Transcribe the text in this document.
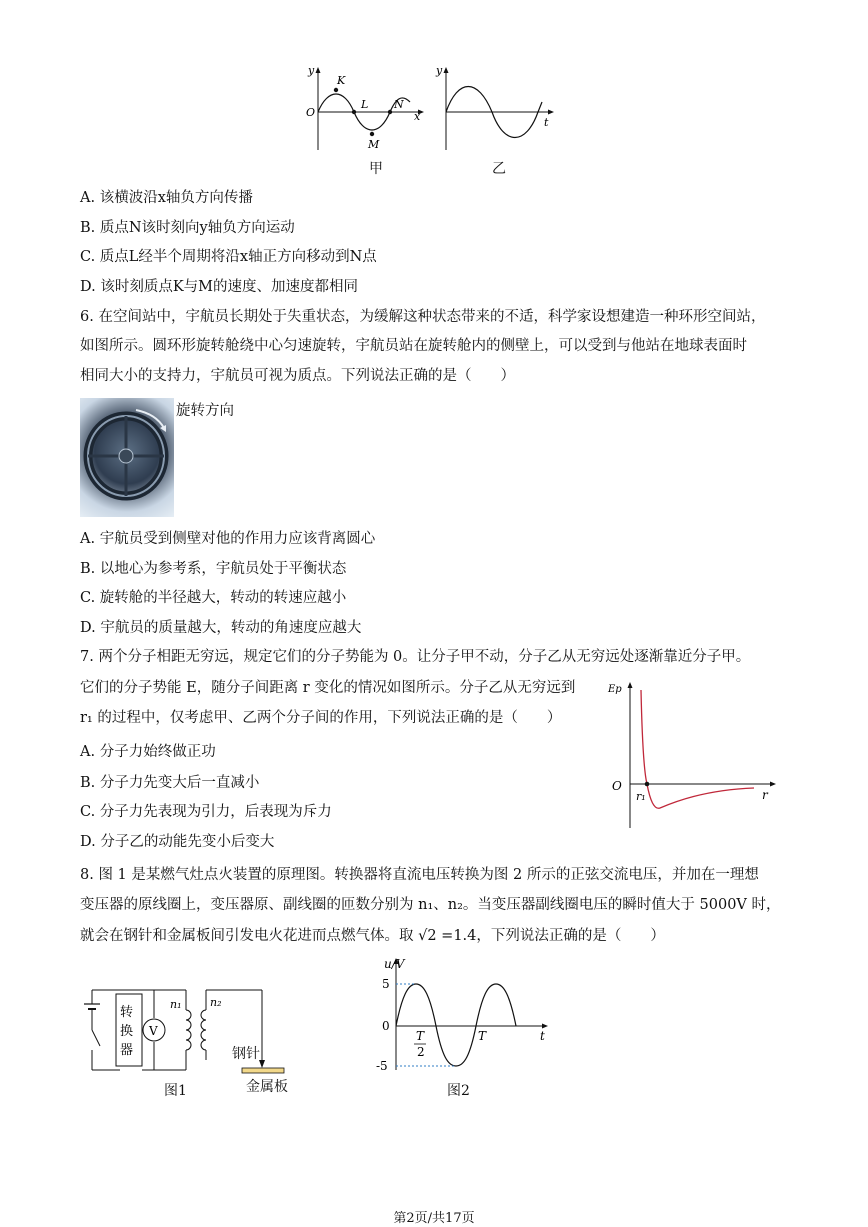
y
x
O
K
L
M
N
甲
y
t
乙
A. 该横波沿x轴负方向传播
B. 质点N该时刻向y轴负方向运动
C. 质点L经半个周期将沿x轴正方向移动到N点
D. 该时刻质点K与M的速度、加速度都相同
6. 在空间站中，宇航员长期处于失重状态，为缓解这种状态带来的不适，科学家设想建造一种环形空间站，
如图所示。圆环形旋转舱绕中心匀速旋转，宇航员站在旋转舱内的侧壁上，可以受到与他站在地球表面时
相同大小的支持力，宇航员可视为质点。下列说法正确的是（　　）
旋转方向
A. 宇航员受到侧壁对他的作用力应该背离圆心
B. 以地心为参考系，宇航员处于平衡状态
C. 旋转舱的半径越大，转动的转速应越小
D. 宇航员的质量越大，转动的角速度应越大
7. 两个分子相距无穷远，规定它们的分子势能为 0。让分子甲不动，分子乙从无穷远处逐渐靠近分子甲。
它们的分子势能 E，随分子间距离 r 变化的情况如图所示。分子乙从无穷远到
r₁ 的过程中，仅考虑甲、乙两个分子间的作用，下列说法正确的是（　　）
A. 分子力始终做正功
B. 分子力先变大后一直减小
C. 分子力先表现为引力，后表现为斥力
D. 分子乙的动能先变小后变大
Ep
O
r₁	r
8. 图 1 是某燃气灶点火装置的原理图。转换器将直流电压转换为图 2 所示的正弦交流电压，并加在一理想
变压器的原线圈上，变压器原、副线圈的匝数分别为 n₁、n₂。当变压器副线圈电压的瞬时值大于 5000V 时，
就会在钢针和金属板间引发电火花进而点燃气体。取 √2 =1.4，下列说法正确的是（　　）
转
换
器
V
n₁	n₂
钢针
金属板
图1
u/V
5
0
-5
T
2
T	t
图2
第2页/共17页
